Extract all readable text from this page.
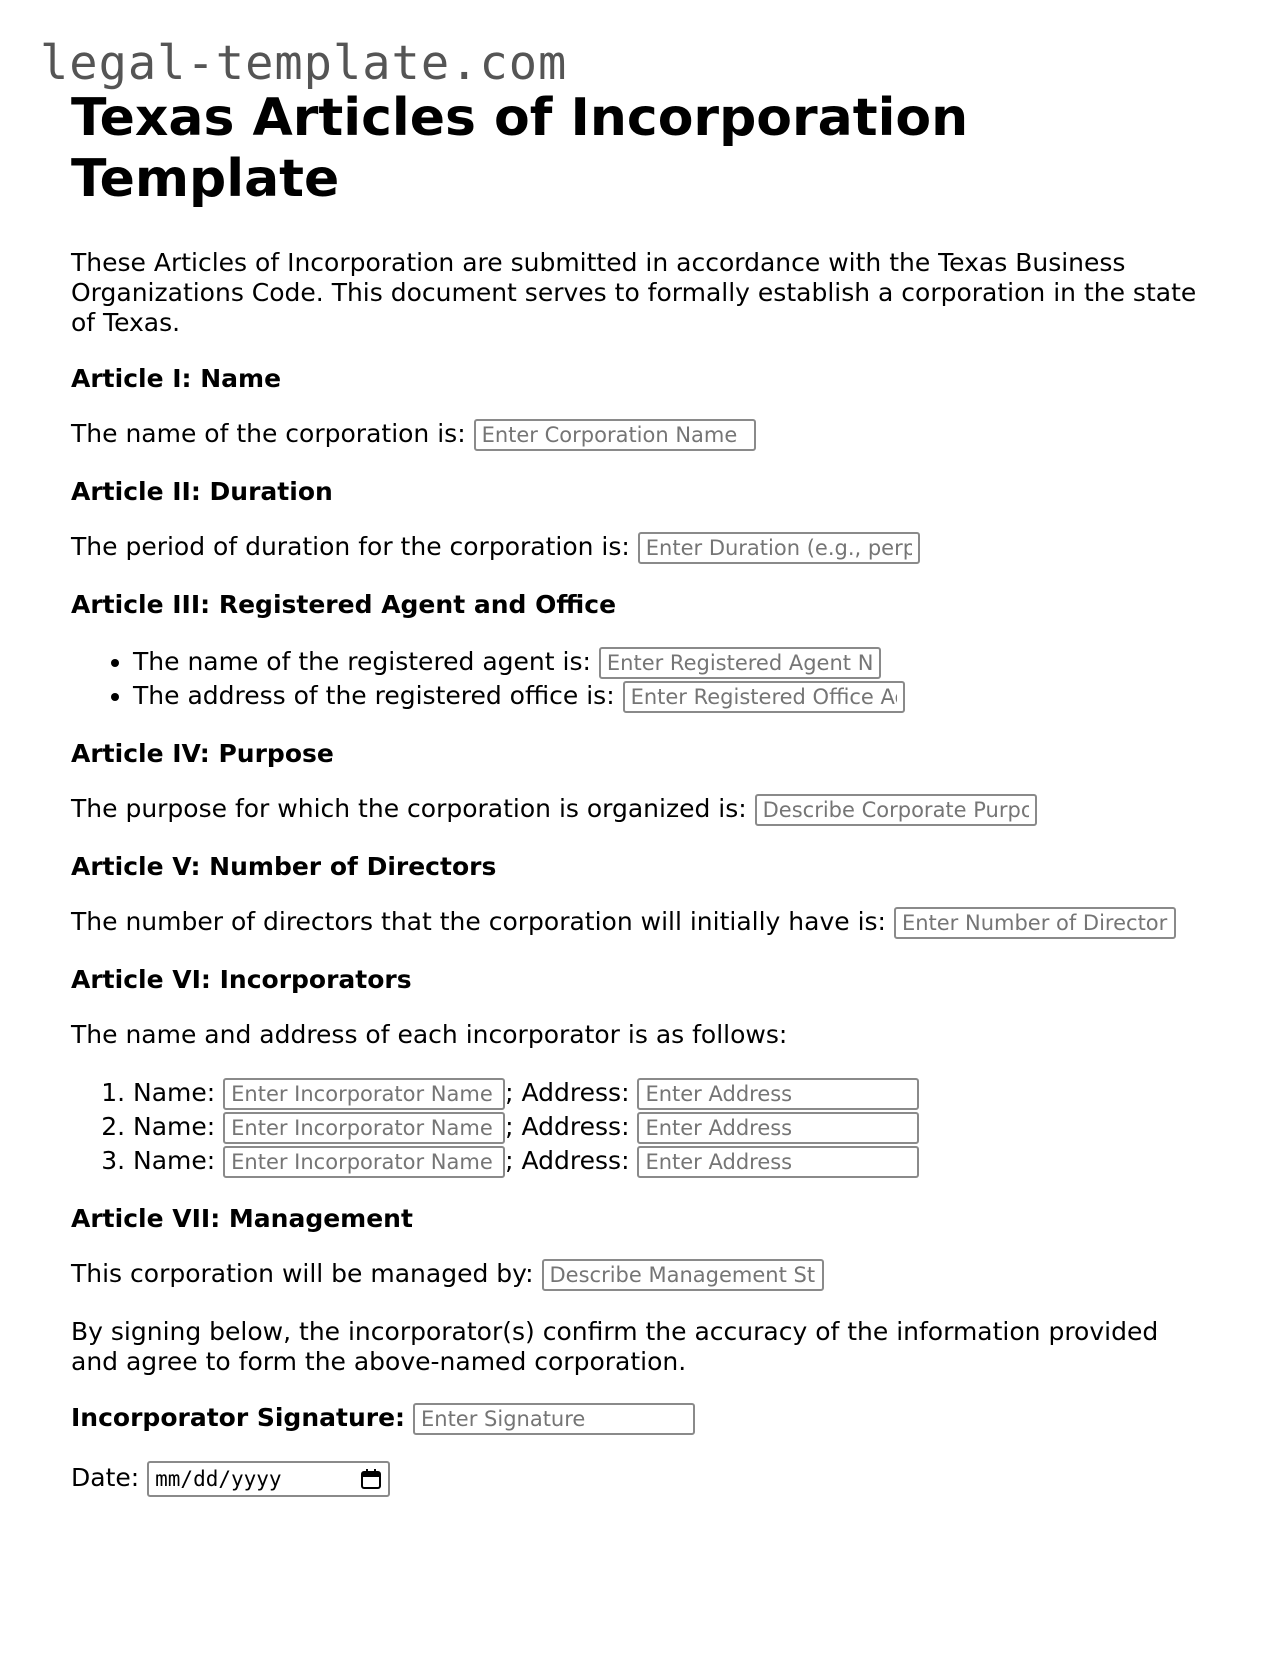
legal-template.com
Texas Articles of Incorporation Template

These Articles of Incorporation are submitted in accordance with the Texas Business Organizations Code. This document serves to formally establish a corporation in the state of Texas.

Article I: Name

The name of the corporation is: Enter Corporation Name

Article II: Duration

The period of duration for the corporation is: Enter Duration (e.g., perpetual)

Article III: Registered Agent and Office
• The name of the registered agent is: Enter Registered Agent Name
• The address of the registered office is: Enter Registered Office Address
Article IV: Purpose

The purpose for which the corporation is organized is: Describe Corporate Purpose

Article V: Number of Directors

The number of directors that the corporation will initially have is: Enter Number of Directors

Article VI: Incorporators

The name and address of each incorporator is as follows:

1. Name: Enter Incorporator Name 1	; Address: Enter Address
2. Name: Enter Incorporator Name 2	; Address: Enter Address
3. Name: Enter Incorporator Name 3	; Address: Enter Address
Article VII: Management

This corporation will be managed by: Describe Management Structure

By signing below, the incorporator(s) confirm the accuracy of the information provided and agree to form the above-named corporation.

Incorporator Signature: Enter Signature

Date: mm/dd/yyyy
